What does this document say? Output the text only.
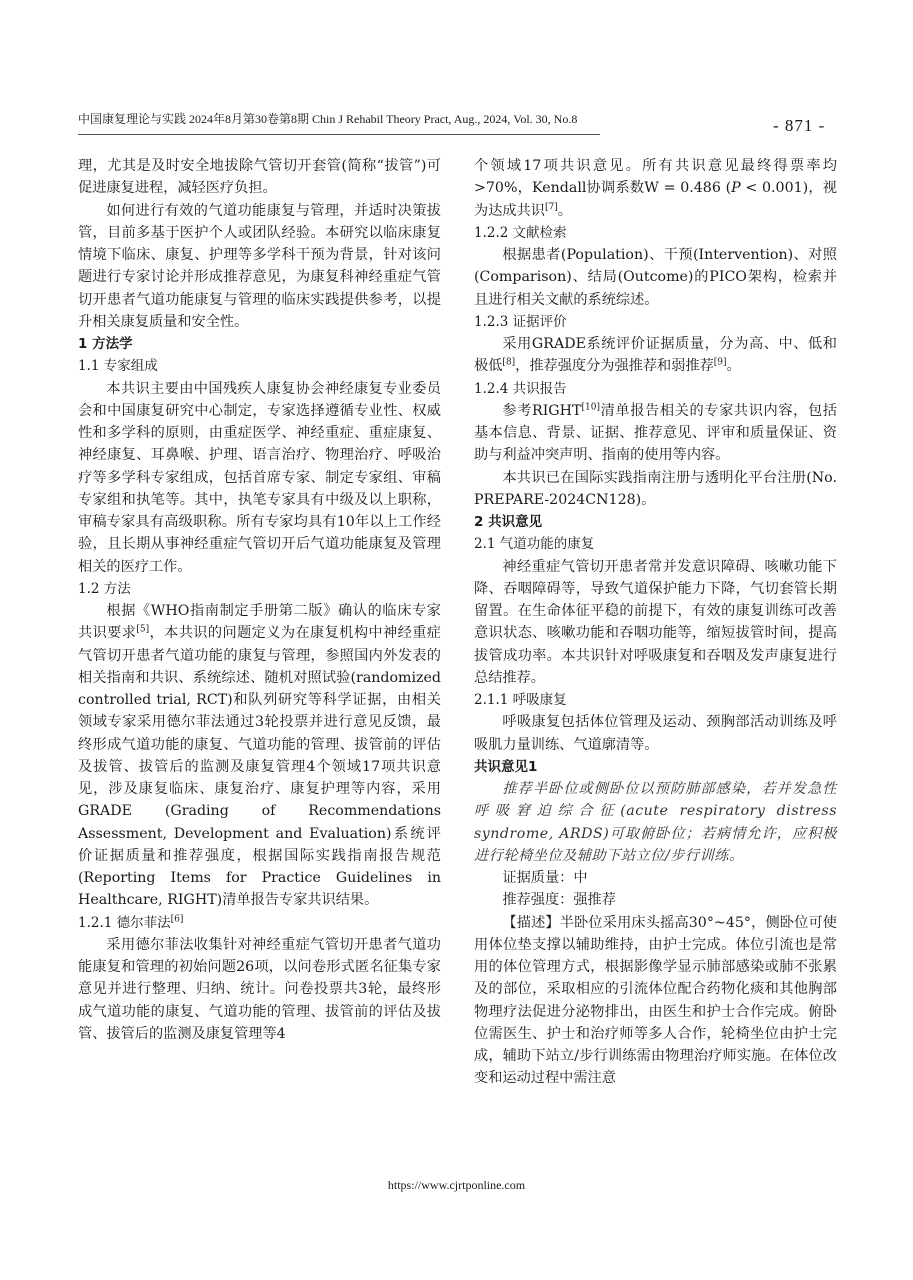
中国康复理论与实践 2024年8月第30卷第8期 Chin J Rehabil Theory Pract, Aug., 2024, Vol. 30, No.8	- 871 -

理，尤其是及时安全地拔除气管切开套管(简称“拔管”)可促进康复进程，减轻医疗负担。

如何进行有效的气道功能康复与管理，并适时决策拔管，目前多基于医护个人或团队经验。本研究以临床康复情境下临床、康复、护理等多学科干预为背景，针对该问题进行专家讨论并形成推荐意见，为康复科神经重症气管切开患者气道功能康复与管理的临床实践提供参考，以提升相关康复质量和安全性。

1 方法学

1.1 专家组成

本共识主要由中国残疾人康复协会神经康复专业委员会和中国康复研究中心制定，专家选择遵循专业性、权威性和多学科的原则，由重症医学、神经重症、重症康复、神经康复、耳鼻喉、护理、语言治疗、物理治疗、呼吸治疗等多学科专家组成，包括首席专家、制定专家组、审稿专家组和执笔等。其中，执笔专家具有中级及以上职称，审稿专家具有高级职称。所有专家均具有10年以上工作经验，且长期从事神经重症气管切开后气道功能康复及管理相关的医疗工作。

1.2 方法

根据《WHO指南制定手册第二版》确认的临床专家共识要求[5]，本共识的问题定义为在康复机构中神经重症气管切开患者气道功能的康复与管理，参照国内外发表的相关指南和共识、系统综述、随机对照试验(randomized controlled trial, RCT)和队列研究等科学证据，由相关领域专家采用德尔菲法通过3轮投票并进行意见反馈，最终形成气道功能的康复、气道功能的管理、拔管前的评估及拔管、拔管后的监测及康复管理4个领域17项共识意见，涉及康复临床、康复治疗、康复护理等内容，采用GRADE (Grading of Recommendations Assessment, Development and Evaluation)系统评价证据质量和推荐强度，根据国际实践指南报告规范(Reporting Items for Practice Guidelines in Healthcare, RIGHT)清单报告专家共识结果。

1.2.1 德尔菲法[6]

采用德尔菲法收集针对神经重症气管切开患者气道功能康复和管理的初始问题26项，以问卷形式匿名征集专家意见并进行整理、归纳、统计。问卷投票共3轮，最终形成气道功能的康复、气道功能的管理、拔管前的评估及拔管、拔管后的监测及康复管理等4

个领域17项共识意见。所有共识意见最终得票率均>70%，Kendall协调系数W = 0.486 (P < 0.001)，视为达成共识[7]。

1.2.2 文献检索

根据患者(Population)、干预(Intervention)、对照(Comparison)、结局(Outcome)的PICO架构，检索并且进行相关文献的系统综述。

1.2.3 证据评价

采用GRADE系统评价证据质量，分为高、中、低和极低[8]，推荐强度分为强推荐和弱推荐[9]。

1.2.4 共识报告

参考RIGHT[10]清单报告相关的专家共识内容，包括基本信息、背景、证据、推荐意见、评审和质量保证、资助与利益冲突声明、指南的使用等内容。

本共识已在国际实践指南注册与透明化平台注册(No. PREPARE-2024CN128)。

2 共识意见

2.1 气道功能的康复

神经重症气管切开患者常并发意识障碍、咳嗽功能下降、吞咽障碍等，导致气道保护能力下降，气切套管长期留置。在生命体征平稳的前提下，有效的康复训练可改善意识状态、咳嗽功能和吞咽功能等，缩短拔管时间，提高拔管成功率。本共识针对呼吸康复和吞咽及发声康复进行总结推荐。

2.1.1 呼吸康复

呼吸康复包括体位管理及运动、颈胸部活动训练及呼吸肌力量训练、气道廓清等。

共识意见1

推荐半卧位或侧卧位以预防肺部感染，若并发急性呼吸窘迫综合征(acute respiratory distress syndrome, ARDS)可取俯卧位；若病情允许，应积极进行轮椅坐位及辅助下站立位/步行训练。

证据质量：中

推荐强度：强推荐

【描述】半卧位采用床头摇高30°~45°，侧卧位可使用体位垫支撑以辅助维持，由护士完成。体位引流也是常用的体位管理方式，根据影像学显示肺部感染或肺不张累及的部位，采取相应的引流体位配合药物化痰和其他胸部物理疗法促进分泌物排出，由医生和护士合作完成。俯卧位需医生、护士和治疗师等多人合作，轮椅坐位由护士完成，辅助下站立/步行训练需由物理治疗师实施。在体位改变和运动过程中需注意

https://www.cjrtponline.com
